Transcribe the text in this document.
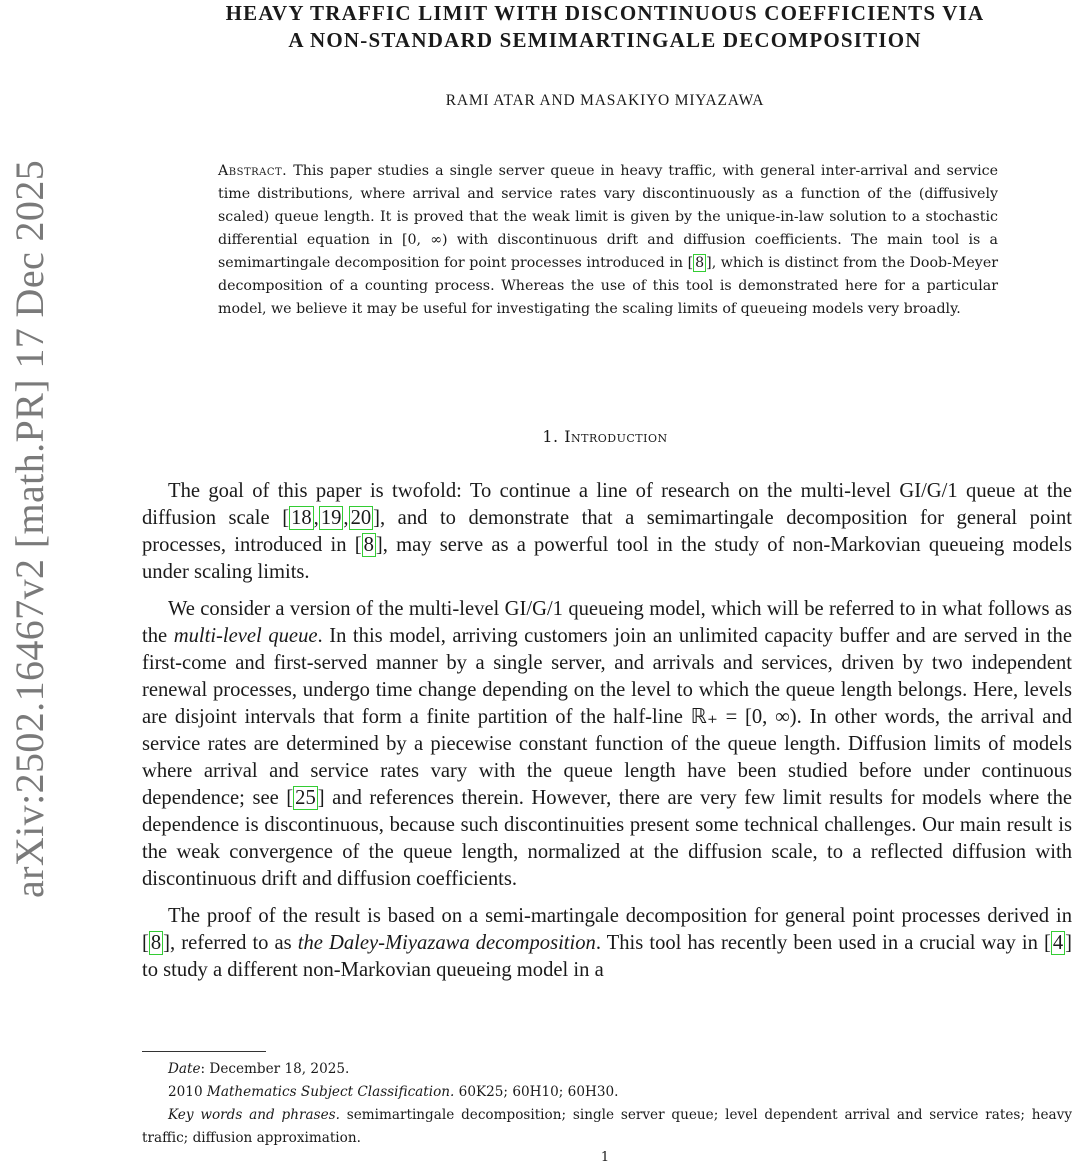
arXiv:2502.16467v2 [math.PR] 17 Dec 2025
HEAVY TRAFFIC LIMIT WITH DISCONTINUOUS COEFFICIENTS VIA
A NON-STANDARD SEMIMARTINGALE DECOMPOSITION
RAMI ATAR AND MASAKIYO MIYAZAWA
Abstract. This paper studies a single server queue in heavy traffic, with general inter-arrival and service time distributions, where arrival and service rates vary discontinuously as a function of the (diffusively scaled) queue length. It is proved that the weak limit is given by the unique-in-law solution to a stochastic differential equation in [0, ∞) with discontinuous drift and diffusion coefficients. The main tool is a semimartingale decomposition for point processes introduced in [ 8 ], which is distinct from the Doob-Meyer decomposition of a counting process. Whereas the use of this tool is demonstrated here for a particular model, we believe it may be useful for investigating the scaling limits of queueing models very broadly.
1. Introduction

The goal of this paper is twofold: To continue a line of research on the multi-level GI/G/1 queue at the diffusion scale [18,19,20], and to demonstrate that a semimartingale decomposition for general point processes, introduced in [8], may serve as a powerful tool in the study of non-Markovian queueing models under scaling limits.

We consider a version of the multi-level GI/G/1 queueing model, which will be referred to in what follows as the multi-level queue. In this model, arriving customers join an unlimited capacity buffer and are served in the first-come and first-served manner by a single server, and arrivals and services, driven by two independent renewal processes, undergo time change depending on the level to which the queue length belongs. Here, levels are disjoint intervals that form a finite partition of the half-line ℝ₊ = [0, ∞). In other words, the arrival and service rates are determined by a piecewise constant function of the queue length. Diffusion limits of models where arrival and service rates vary with the queue length have been studied before under continuous dependence; see [25] and references therein. However, there are very few limit results for models where the dependence is discontinuous, because such discontinuities present some technical challenges. Our main result is the weak convergence of the queue length, normalized at the diffusion scale, to a reflected diffusion with discontinuous drift and diffusion coefficients.

The proof of the result is based on a semi-martingale decomposition for general point processes derived in [8], referred to as the Daley-Miyazawa decomposition. This tool has recently been used in a crucial way in [4] to study a different non-Markovian queueing model in a

Date: December 18, 2025.
2010 Mathematics Subject Classification. 60K25; 60H10; 60H30.
Key words and phrases. semimartingale decomposition; single server queue; level dependent arrival and service rates; heavy traffic; diffusion approximation.
1
